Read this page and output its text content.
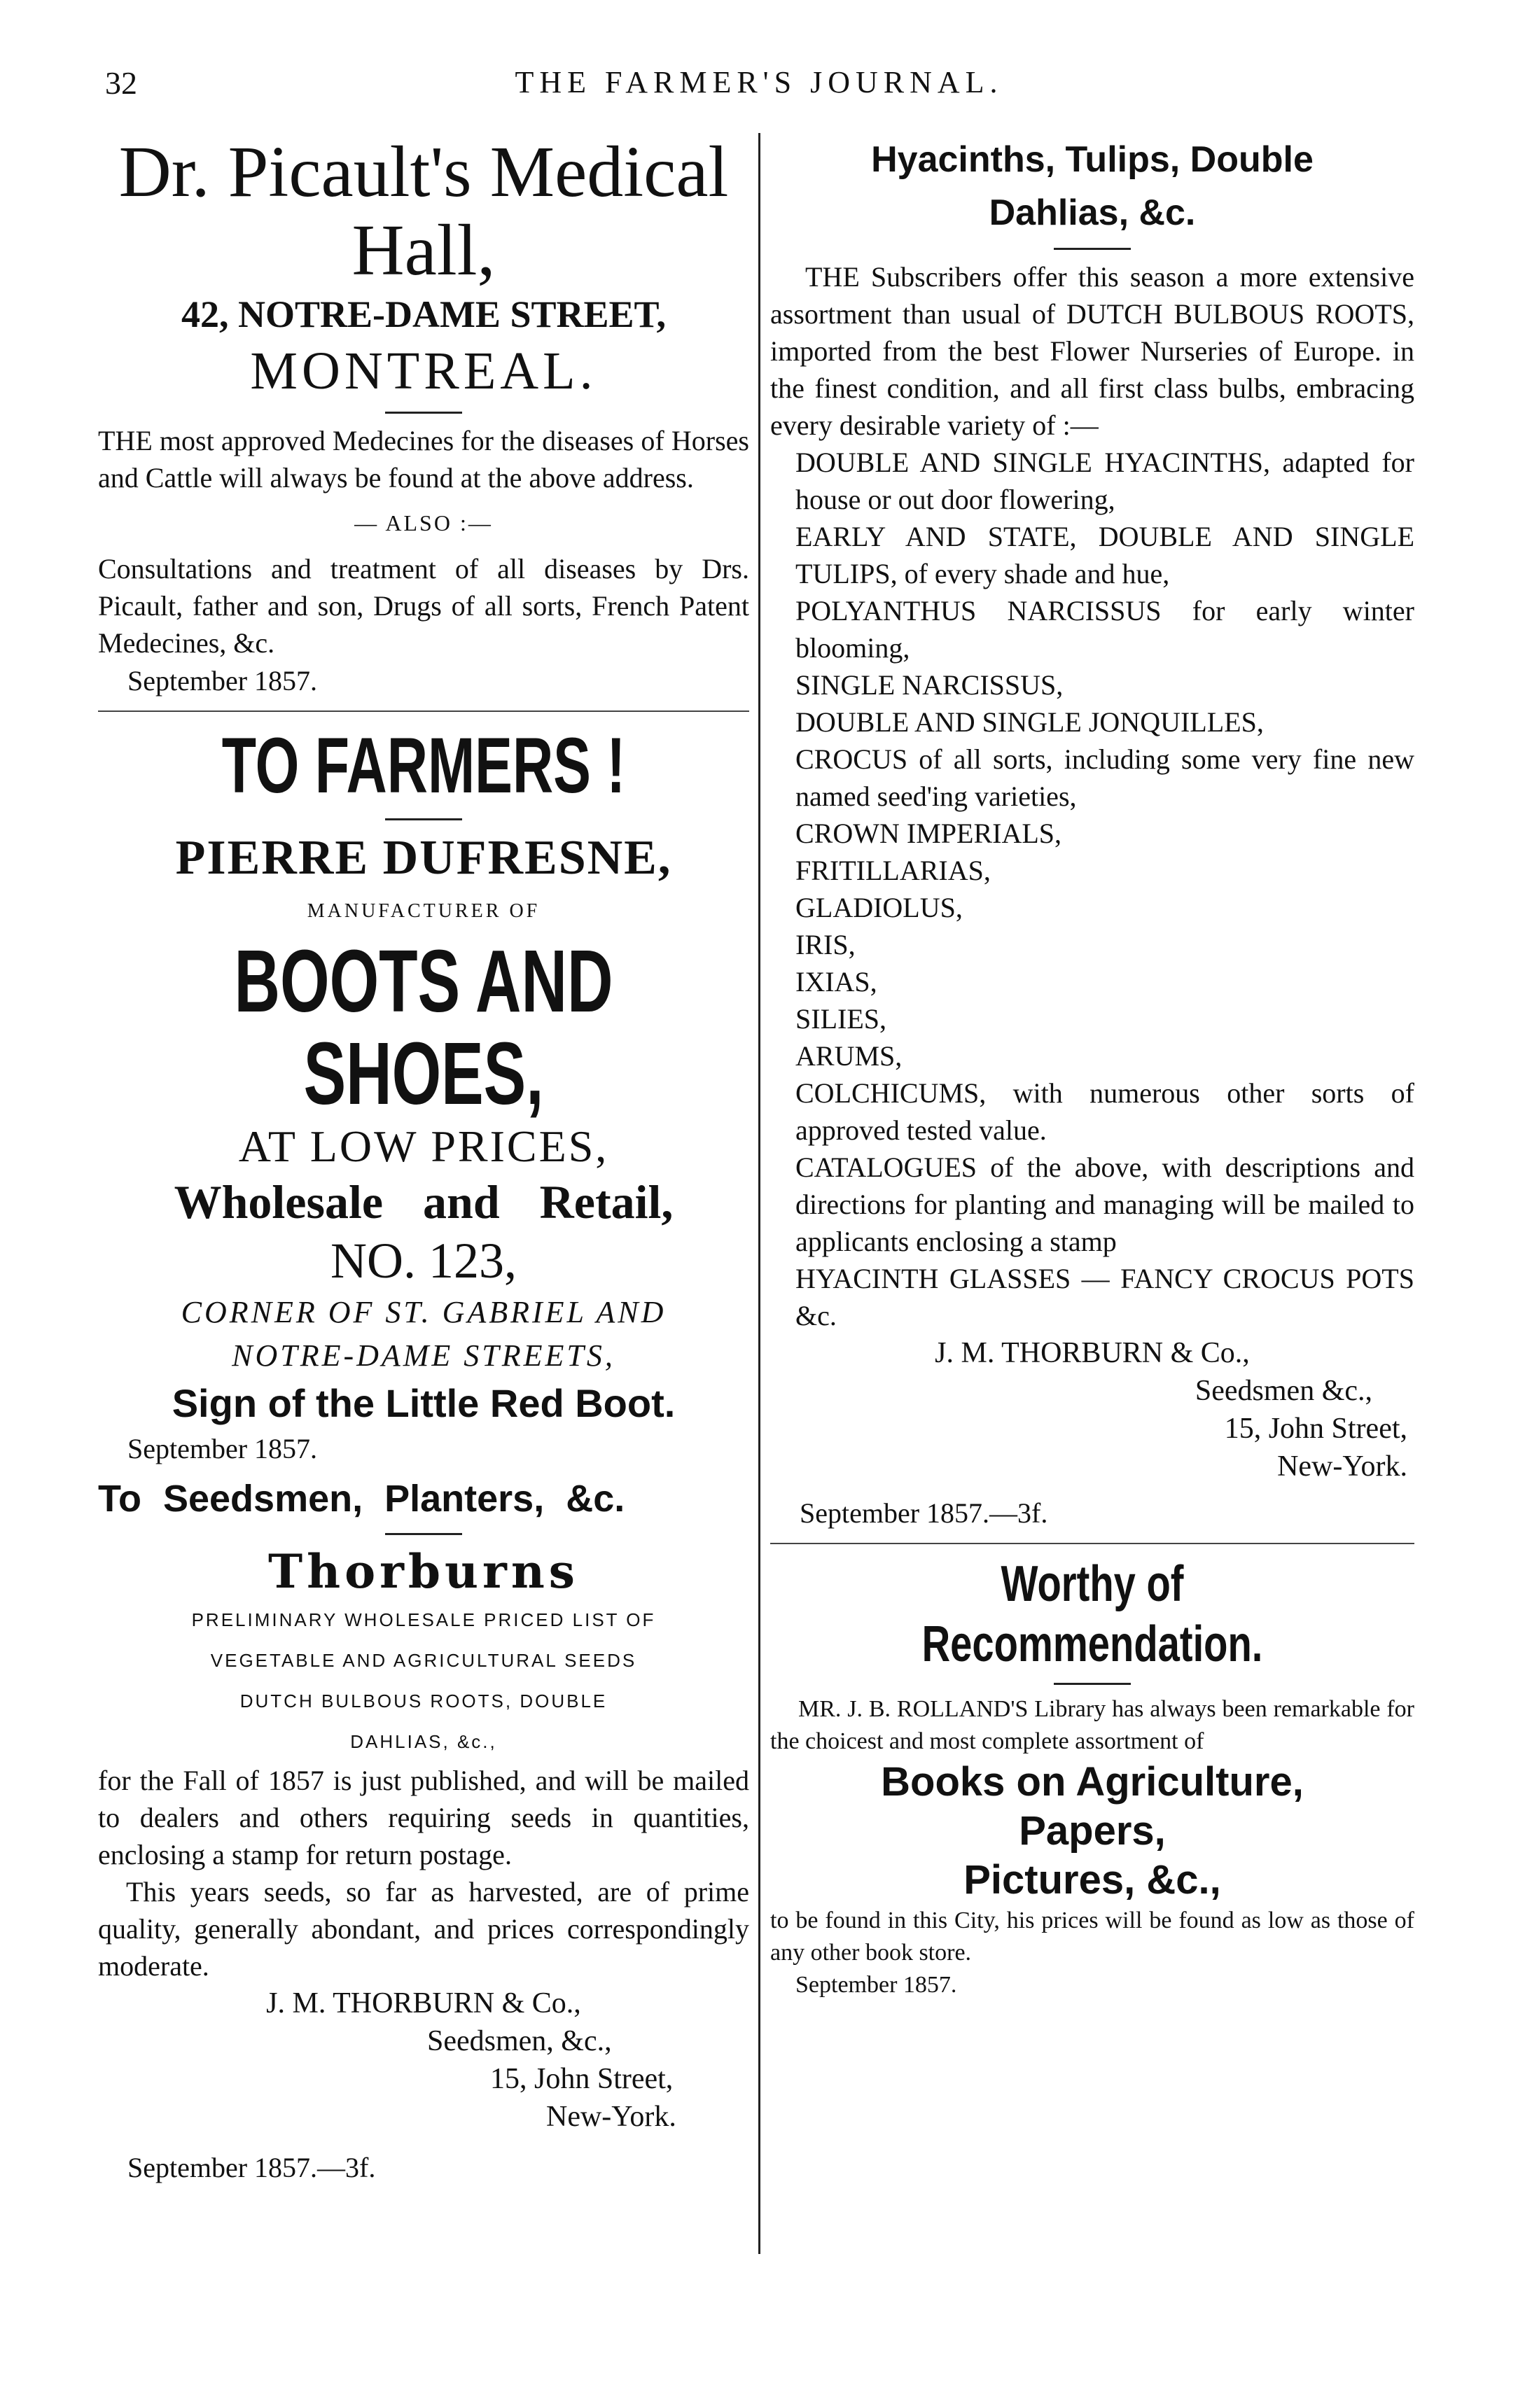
32	THE FARMER'S JOURNAL.
Dr. Picault's Medical Hall,
42, NOTRE-DAME STREET,
MONTREAL.

THE most approved Medecines for the diseases of Horses and Cattle will always be found at the above address.

— ALSO :—

Consultations and treatment of all diseases by Drs. Picault, father and son, Drugs of all sorts, French Patent Medecines, &c.

September 1857.
TO FARMERS !
PIERRE DUFRESNE,
MANUFACTURER OF
BOOTS AND SHOES,
AT LOW PRICES,
Wholesale and Retail,
NO. 123,
CORNER OF ST. GABRIEL AND
NOTRE-DAME STREETS,
Sign of the Little Red Boot.
September 1857.
To Seedsmen, Planters, &c.
Thorburns
PRELIMINARY WHOLESALE PRICED LIST OF
VEGETABLE AND AGRICULTURAL SEEDS
DUTCH BULBOUS ROOTS, DOUBLE
DAHLIAS, &c.,

for the Fall of 1857 is just published, and will be mailed to dealers and others requiring seeds in quantities, enclosing a stamp for return postage.

This years seeds, so far as harvested, are of prime quality, generally abondant, and prices correspondingly moderate.

J. M. THORBURN & Co.,
Seedsmen, &c.,
15, John Street,
New-York.
September 1857.—3f.
Hyacinths, Tulips, Double
Dahlias, &c.

THE Subscribers offer this season a more extensive assortment than usual of DUTCH BULBOUS ROOTS, imported from the best Flower Nurseries of Europe. in the finest condition, and all first class bulbs, embracing every desirable variety of :—

DOUBLE AND SINGLE HYACINTHS, adapted for house or out door flowering,

EARLY AND STATE, DOUBLE AND SINGLE TULIPS, of every shade and hue,

POLYANTHUS NARCISSUS for early winter blooming,

SINGLE NARCISSUS,

DOUBLE AND SINGLE JONQUILLES,

CROCUS of all sorts, including some very fine new named seed'ing varieties,

CROWN IMPERIALS,

FRITILLARIAS,

GLADIOLUS,

IRIS,

IXIAS,

SILIES,

ARUMS,

COLCHICUMS, with numerous other sorts of approved tested value.

CATALOGUES of the above, with descriptions and directions for planting and managing will be mailed to applicants enclosing a stamp

HYACINTH GLASSES — FANCY CROCUS POTS &c.

J. M. THORBURN & Co.,
Seedsmen &c.,
15, John Street,
New-York.
September 1857.—3f.
Worthy of Recommendation.

MR. J. B. ROLLAND'S Library has always been remarkable for the choicest and most complete assortment of

Books on Agriculture,
Papers,
Pictures, &c.,

to be found in this City, his prices will be found as low as those of any other book store.

September 1857.
